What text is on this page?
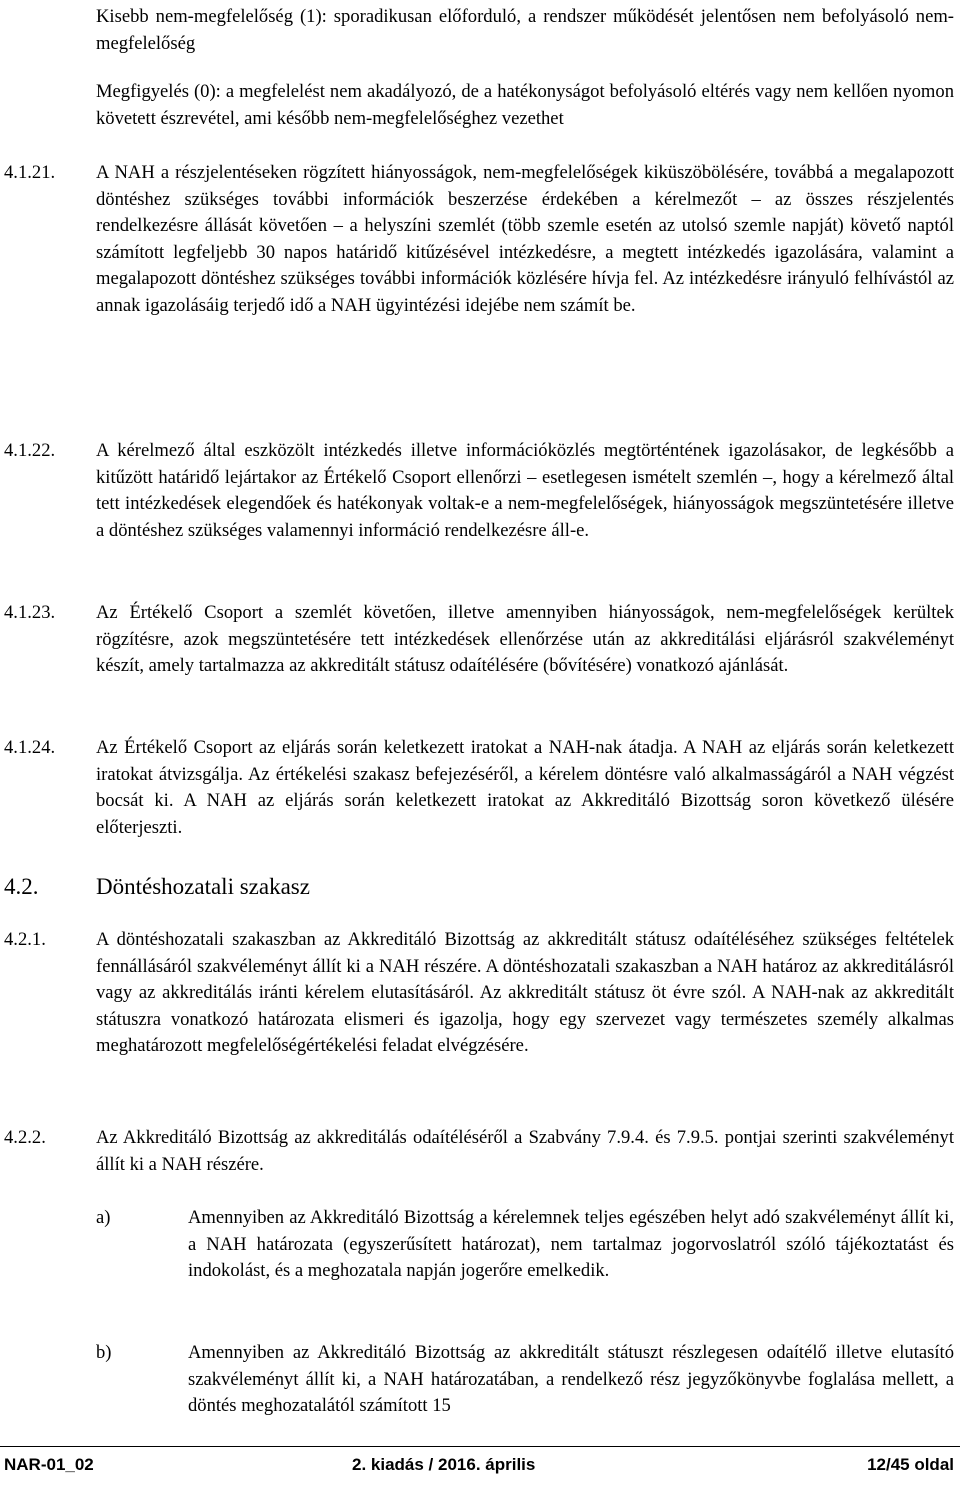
Kisebb nem-megfelelőség (1): sporadikusan előforduló, a rendszer működését jelentősen nem befolyásoló nem-megfelelőség
Megfigyelés (0): a megfelelést nem akadályozó, de a hatékonyságot befolyásoló eltérés vagy nem kellően nyomon követett észrevétel, ami később nem-megfelelőséghez vezethet
4.1.21. A NAH a részjelentéseken rögzített hiányosságok, nem-megfelelőségek kiküszöbölésére, továbbá a megalapozott döntéshez szükséges további információk beszerzése érdekében a kérelmezőt – az összes részjelentés rendelkezésre állását követően – a helyszíni szemlét (több szemle esetén az utolsó szemle napját) követő naptól számított legfeljebb 30 napos határidő kitűzésével intézkedésre, a megtett intézkedés igazolására, valamint a megalapozott döntéshez szükséges további információk közlésére hívja fel. Az intézkedésre irányuló felhívástól az annak igazolásáig terjedő idő a NAH ügyintézési idejébe nem számít be.
4.1.22. A kérelmező által eszközölt intézkedés illetve információközlés megtörténtének igazolásakor, de legkésőbb a kitűzött határidő lejártakor az Értékelő Csoport ellenőrzi – esetlegesen ismételt szemlén –, hogy a kérelmező által tett intézkedések elegendőek és hatékonyak voltak-e a nem-megfelelőségek, hiányosságok megszüntetésére illetve a döntéshez szükséges valamennyi információ rendelkezésre áll-e.
4.1.23. Az Értékelő Csoport a szemlét követően, illetve amennyiben hiányosságok, nem-megfelelőségek kerültek rögzítésre, azok megszüntetésére tett intézkedések ellenőrzése után az akkreditálási eljárásról szakvéleményt készít, amely tartalmazza az akkreditált státusz odaítélésére (bővítésére) vonatkozó ajánlását.
4.1.24. Az Értékelő Csoport az eljárás során keletkezett iratokat a NAH-nak átadja. A NAH az eljárás során keletkezett iratokat átvizsgálja. Az értékelési szakasz befejezéséről, a kérelem döntésre való alkalmasságáról a NAH végzést bocsát ki. A NAH az eljárás során keletkezett iratokat az Akkreditáló Bizottság soron következő ülésére előterjeszti.
4.2.	Döntéshozatali szakasz
4.2.1.	A döntéshozatali szakaszban az Akkreditáló Bizottság az akkreditált státusz odaítéléséhez szükséges feltételek fennállásáról szakvéleményt állít ki a NAH részére. A döntéshozatali szakaszban a NAH határoz az akkreditálásról vagy az akkreditálás iránti kérelem elutasításáról. Az akkreditált státusz öt évre szól. A NAH-nak az akkreditált státuszra vonatkozó határozata elismeri és igazolja, hogy egy szervezet vagy természetes személy alkalmas meghatározott megfelelőségértékelési feladat elvégzésére.
4.2.2.	Az Akkreditáló Bizottság az akkreditálás odaítéléséről a Szabvány 7.9.4. és 7.9.5. pontjai szerinti szakvéleményt állít ki a NAH részére.
a)	Amennyiben az Akkreditáló Bizottság a kérelemnek teljes egészében helyt adó szakvéleményt állít ki, a NAH határozata (egyszerűsített határozat), nem tartalmaz jogorvoslatról szóló tájékoztatást és indokolást, és a meghozatala napján jogerőre emelkedik.
b)	Amennyiben az Akkreditáló Bizottság az akkreditált státuszt részlegesen odaítélő illetve elutasító szakvéleményt állít ki, a NAH határozatában, a rendelkező rész jegyzőkönyvbe foglalása mellett, a döntés meghozatalától számított 15
NAR-01_02	2. kiadás / 2016. április	12/45 oldal
